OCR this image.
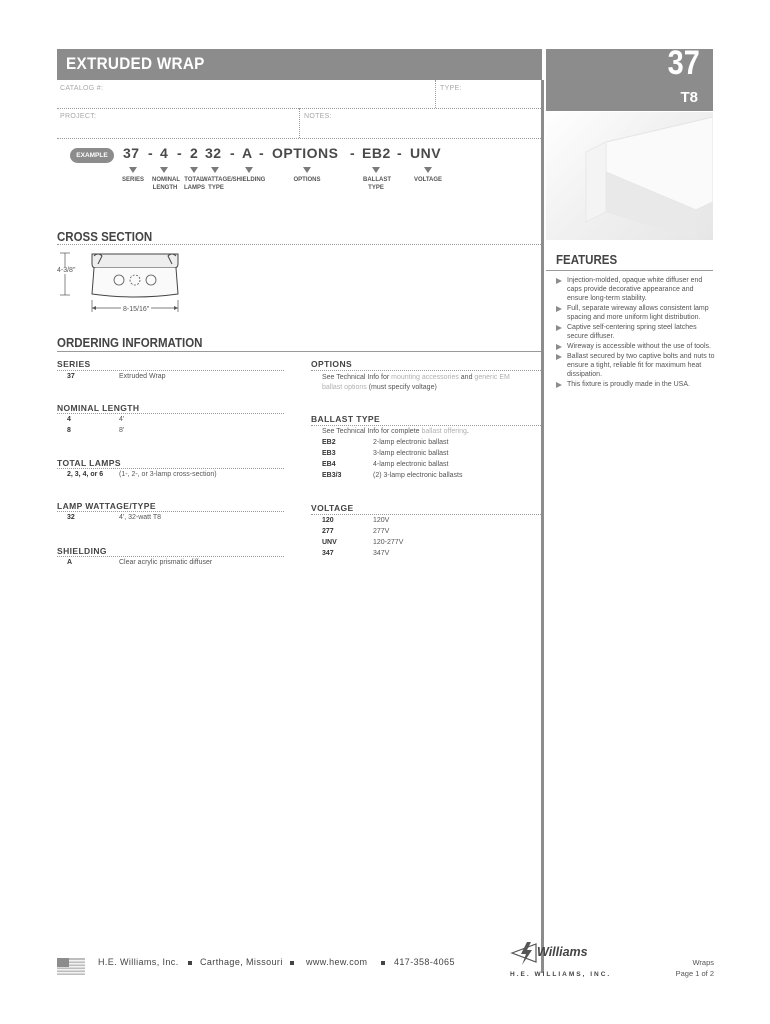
EXTRUDED WRAP	37
T8
CATALOG #:	TYPE:
PROJECT:	NOTES:
EXAMPLE	37 - 4 - 2 32 - A - OPTIONS - EB2 - UNV
SERIES NOMINAL LENGTH
TOTAL LAMPS
WATTAGE/ TYPE
SHIELDING	OPTIONS	BALLAST TYPE
VOLTAGE
CROSS SECTION
4-3/8"
8-15/16"
ORDERING INFORMATION
SERIES
37	Extruded Wrap
NOMINAL LENGTH
4	4'
8	8'
TOTAL LAMPS
2, 3, 4, or 6 (1-, 2-, or 3-lamp cross-section)
LAMP WATTAGE/TYPE
32	4', 32-watt T8
SHIELDING
A	Clear acrylic prismatic diffuser
OPTIONS
See Technical Info for mounting accessories and generic EM
ballast options (must specify voltage)
BALLAST TYPE
See Technical Info for complete ballast offering.
EB2	2-lamp electronic ballast
EB3	3-lamp electronic ballast
EB4	4-lamp electronic ballast
EB3/3	(2) 3-lamp electronic ballasts
VOLTAGE
120	120V
277	277V
UNV	120-277V
347	347V
FEATURES
Injection-molded, opaque white diffuser end caps provide decorative appearance and ensure long-term stability.
Full, separate wireway allows consistent lamp spacing and more uniform light distribution.
Captive self-centering spring steel latches secure diffuser.
Wireway is accessible without the use of tools.
Ballast secured by two captive bolts and nuts to ensure a tight, reliable fit for maximum heat dissipation.
This fixture is proudly made in the USA.
H.E. Williams, Inc. Carthage, Missouri	www.hew.com	417-358-4065
Williams
H.E. WILLIAMS, INC.
Wraps
Page 1 of 2
